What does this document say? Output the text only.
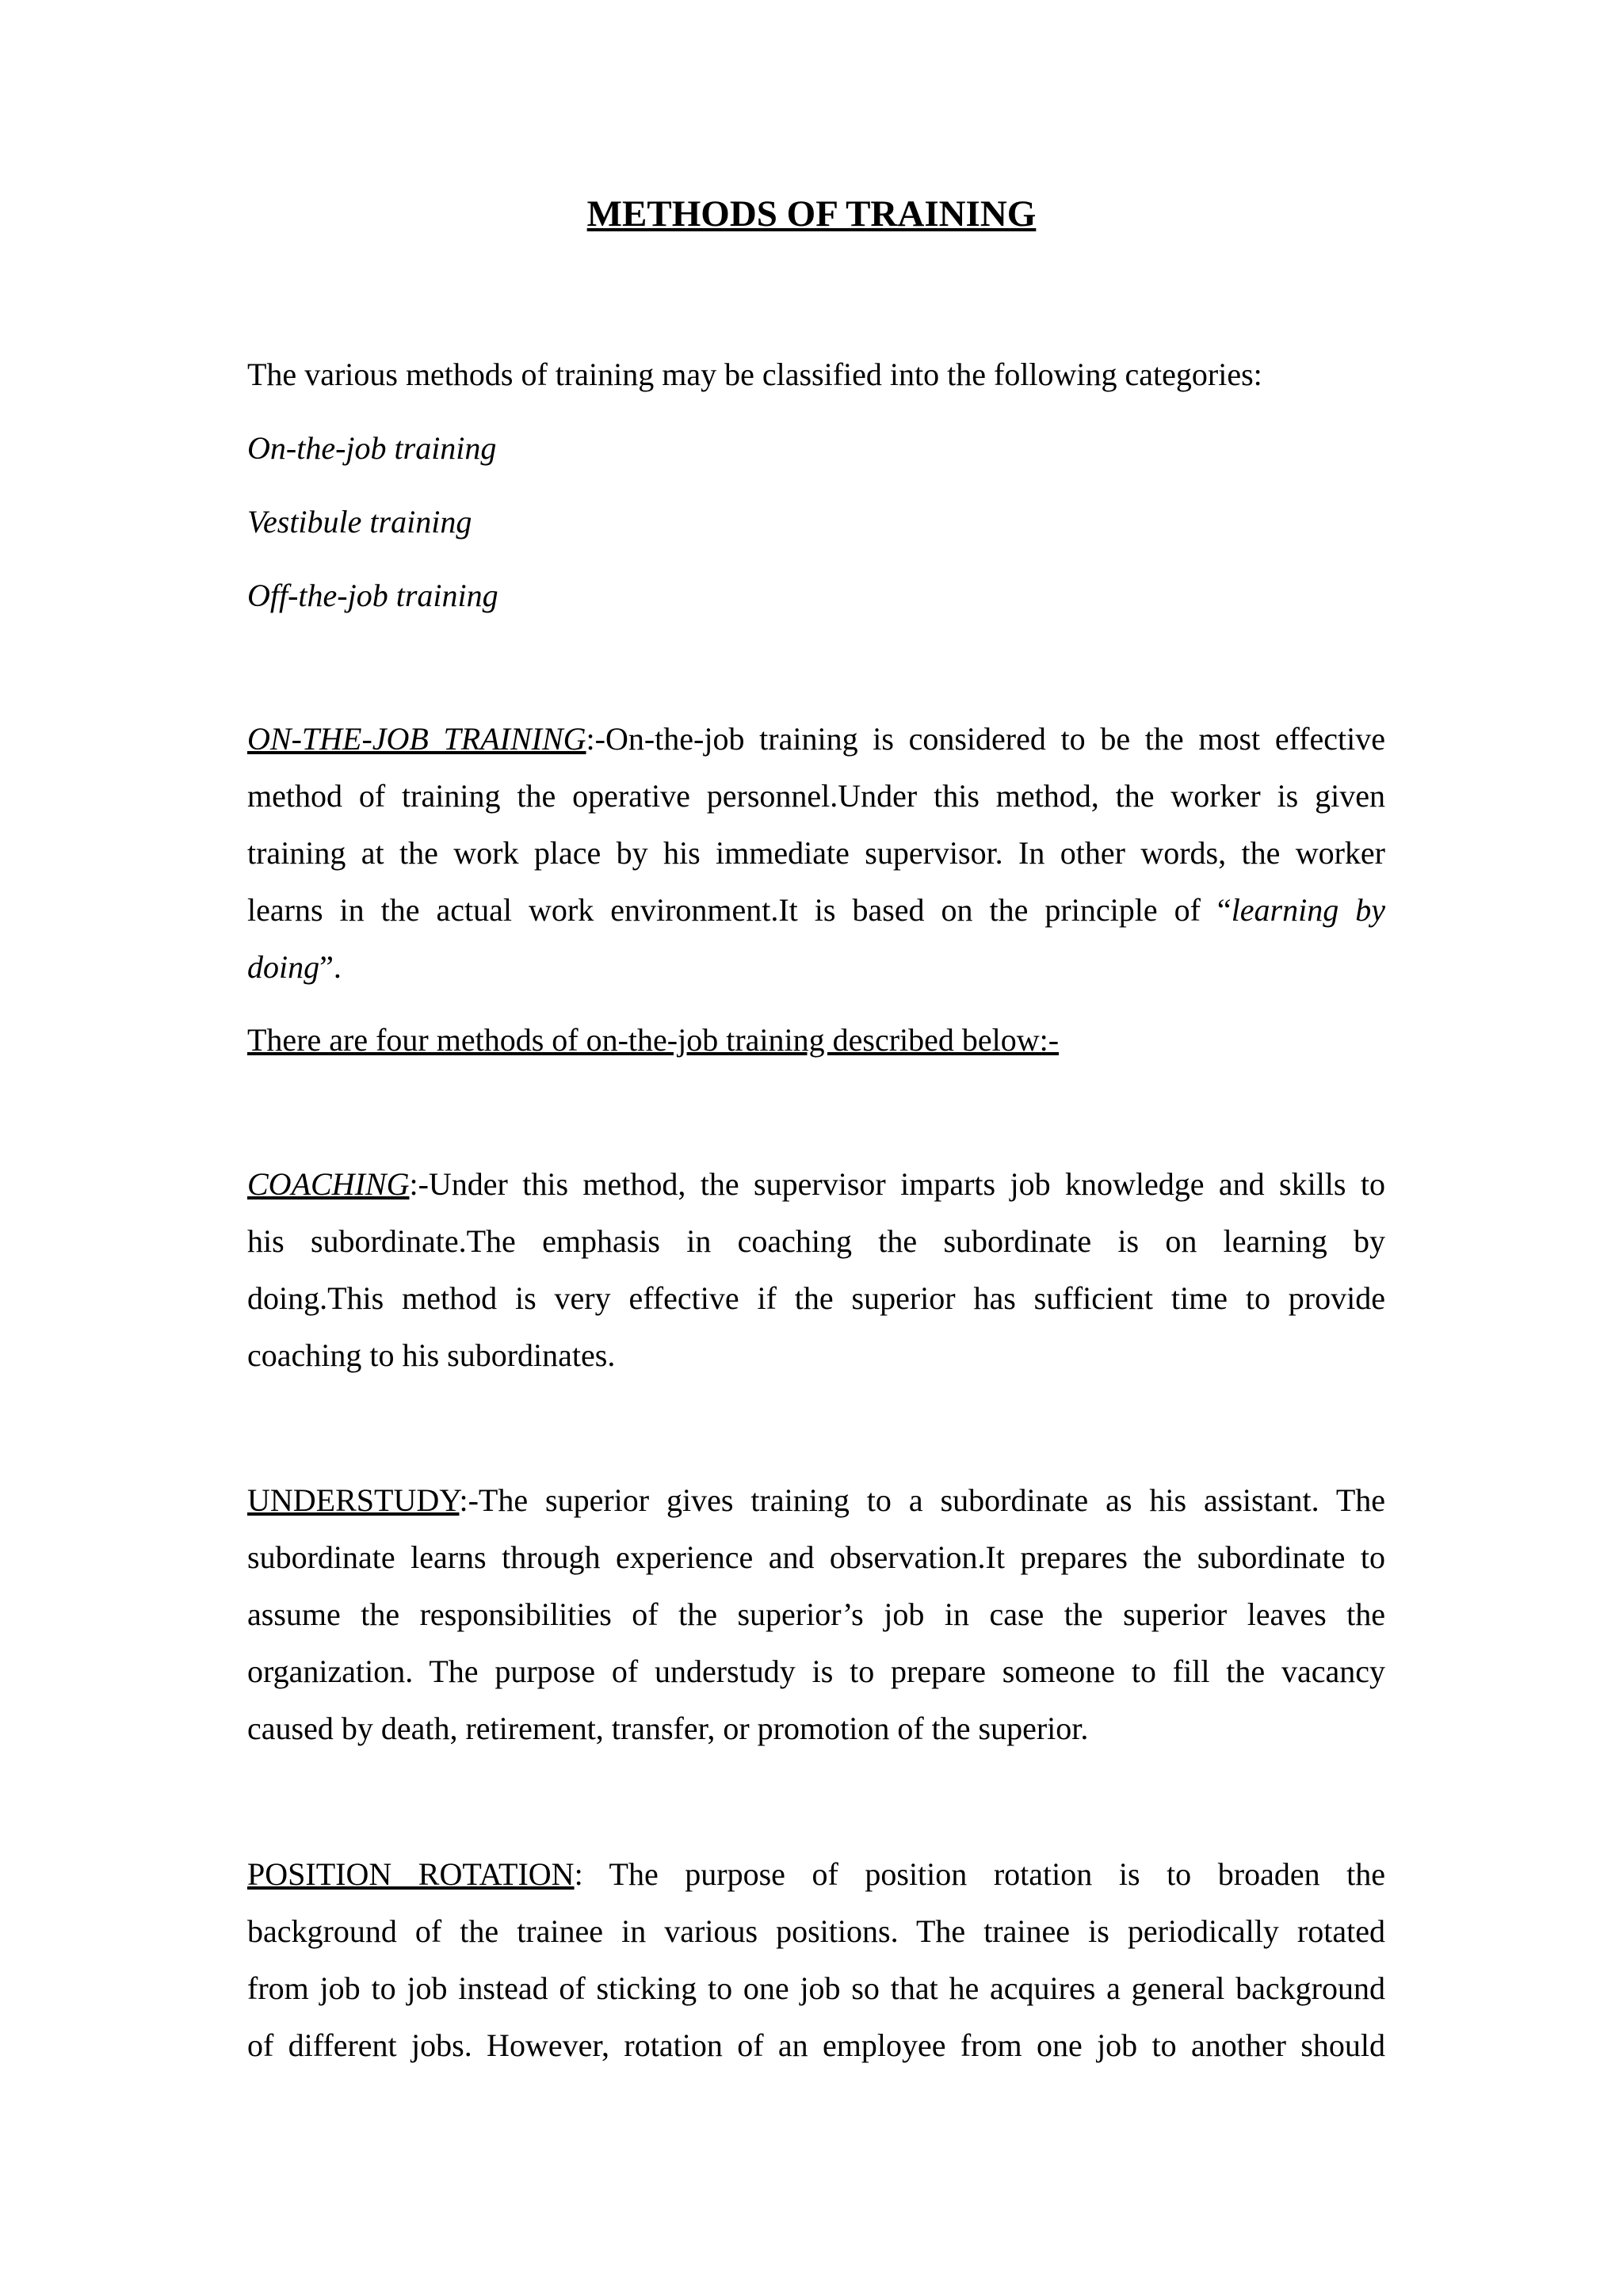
METHODS OF TRAINING

The various methods of training may be classified into the following categories:

On-the-job training

Vestibule training

Off-the-job training

ON-THE-JOB TRAINING:-On-the-job training is considered to be the most effective

method of training the operative personnel.Under this method, the worker is given

training at the work place by his immediate supervisor. In other words, the worker

learns in the actual work environment.It is based on the principle of “learning by

doing”.

There are four methods of on-the-job training described below:-

COACHING:-Under this method, the supervisor imparts job knowledge and skills to

his subordinate.The emphasis in coaching the subordinate is on learning by

doing.This method is very effective if the superior has sufficient time to provide

coaching to his subordinates.

UNDERSTUDY:-The superior gives training to a subordinate as his assistant. The

subordinate learns through experience and observation.It prepares the subordinate to

assume the responsibilities of the superior’s job in case the superior leaves the

organization. The purpose of understudy is to prepare someone to fill the vacancy

caused by death, retirement, transfer, or promotion of the superior.

POSITION ROTATION: The purpose of position rotation is to broaden the

background of the trainee in various positions. The trainee is periodically rotated

from job to job instead of sticking to one job so that he acquires a general background

of different jobs. However, rotation of an employee from one job to another should
